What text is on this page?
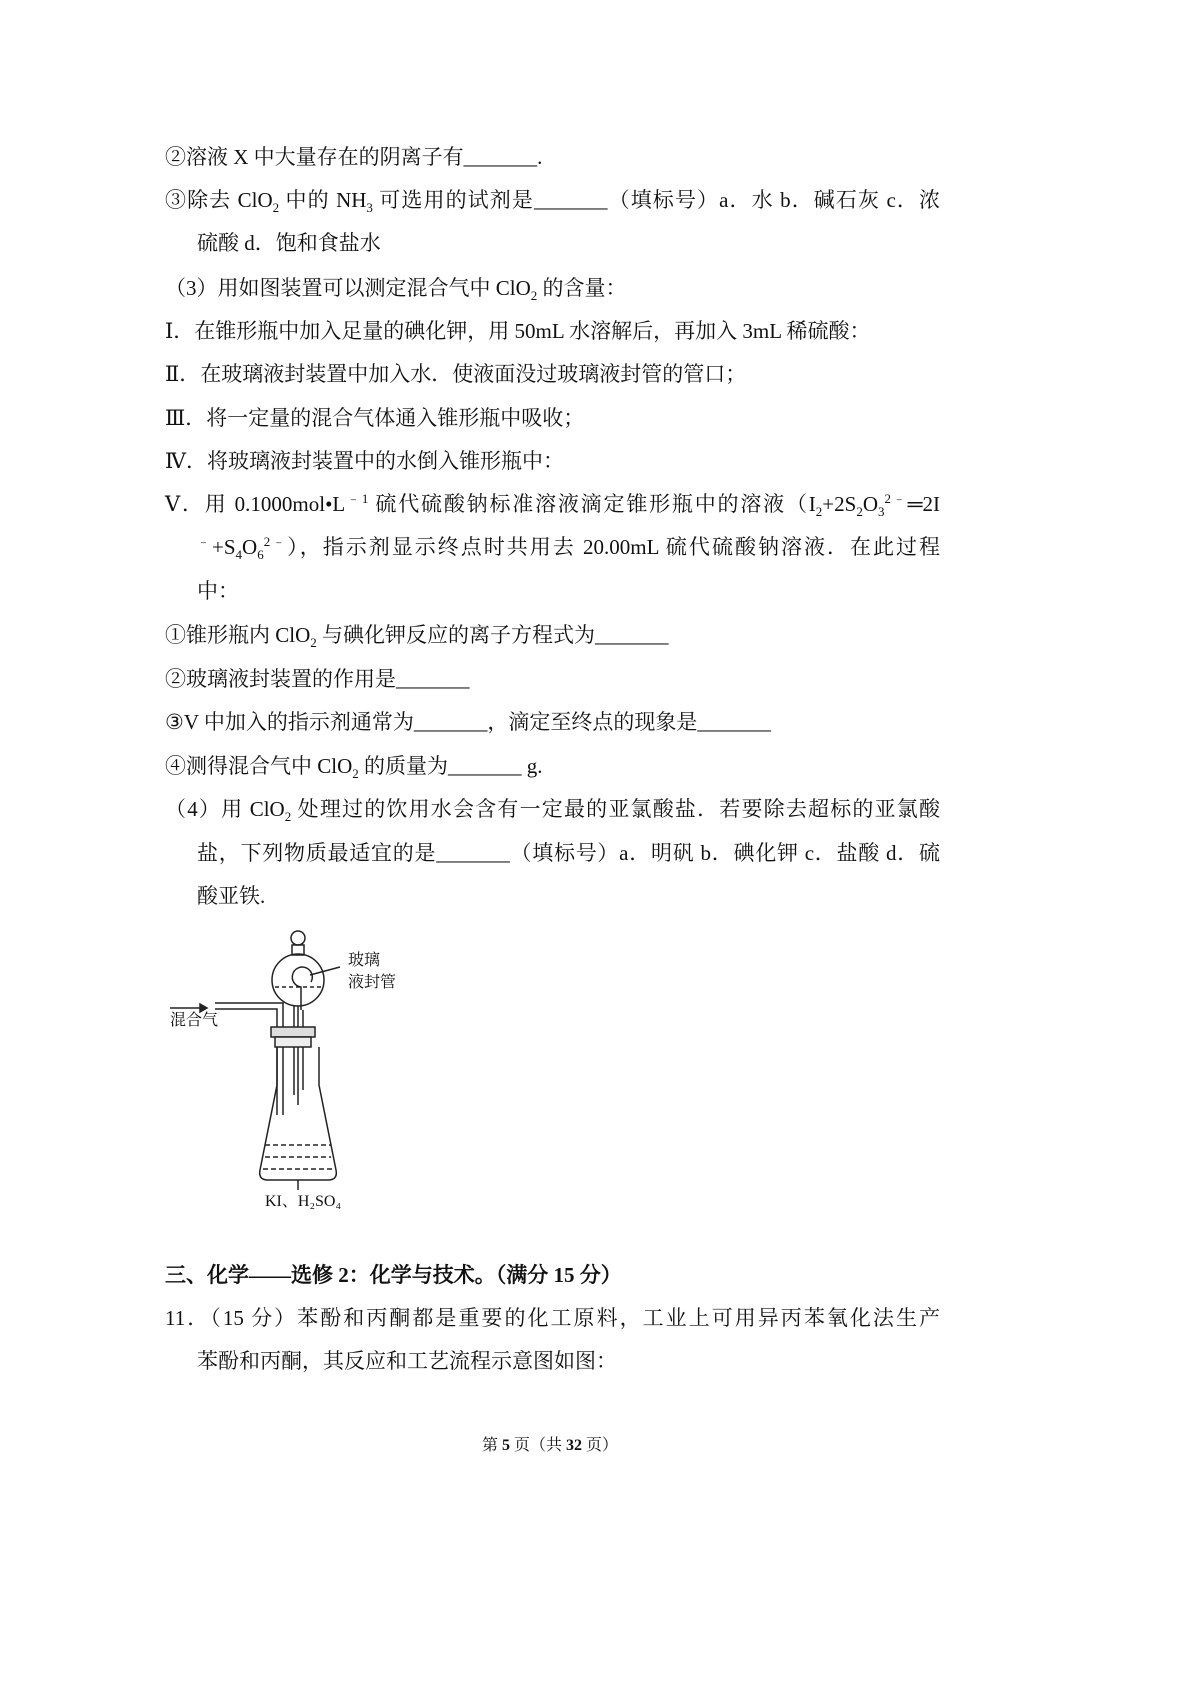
②溶液 X 中大量存在的阴离子有_______.
③除去 ClO$_2$ 中的 $NH_3$ 可选用的试剂是_______（填标号）a．水 b．碱石灰 c．浓
硫酸 d．饱和食盐水
（3）用如图装置可以测定混合气中 ClO$_2$ 的含量：
Ⅰ．在锥形瓶中加入足量的碘化钾，用 50mL 水溶解后，再加入 3mL 稀硫酸：
Ⅱ．在玻璃液封装置中加入水．使液面没过玻璃液封管的管口；
Ⅲ．将一定量的混合气体通入锥形瓶中吸收；
Ⅳ．将玻璃液封装置中的水倒入锥形瓶中：
Ⅴ．用 $0.1000mol•L^{﹣1}$ 硫代硫酸钠标准溶液滴定锥形瓶中的溶液（$I_2+2S_2O_3^{2﹣}═2I$
$^﹣+S_4O_6^{2﹣}$），指示剂显示终点时共用去 20.00mL 硫代硫酸钠溶液．在此过程
中：
①锥形瓶内 ClO$_2$ 与碘化钾反应的离子方程式为_______
②玻璃液封装置的作用是_______
③V 中加入的指示剂通常为_______，滴定至终点的现象是_______
④测得混合气中 ClO$_2$ 的质量为_______ g.
（4）用 ClO$_2$ 处理过的饮用水会含有一定最的亚氯酸盐．若要除去超标的亚氯酸
盐，下列物质最适宜的是_______（填标号）a．明矾 b．碘化钾 c．盐酸 d．硫
酸亚铁.
三、化学——选修 2：化学与技术。（满分 15 分）
11．（15 分）苯酚和丙酮都是重要的化工原料，工业上可用异丙苯氧化法生产
苯酚和丙酮，其反应和工艺流程示意图如图：
玻璃
液封管
混合气
KI、H₂SO₄
第 5 页（共 32 页）
